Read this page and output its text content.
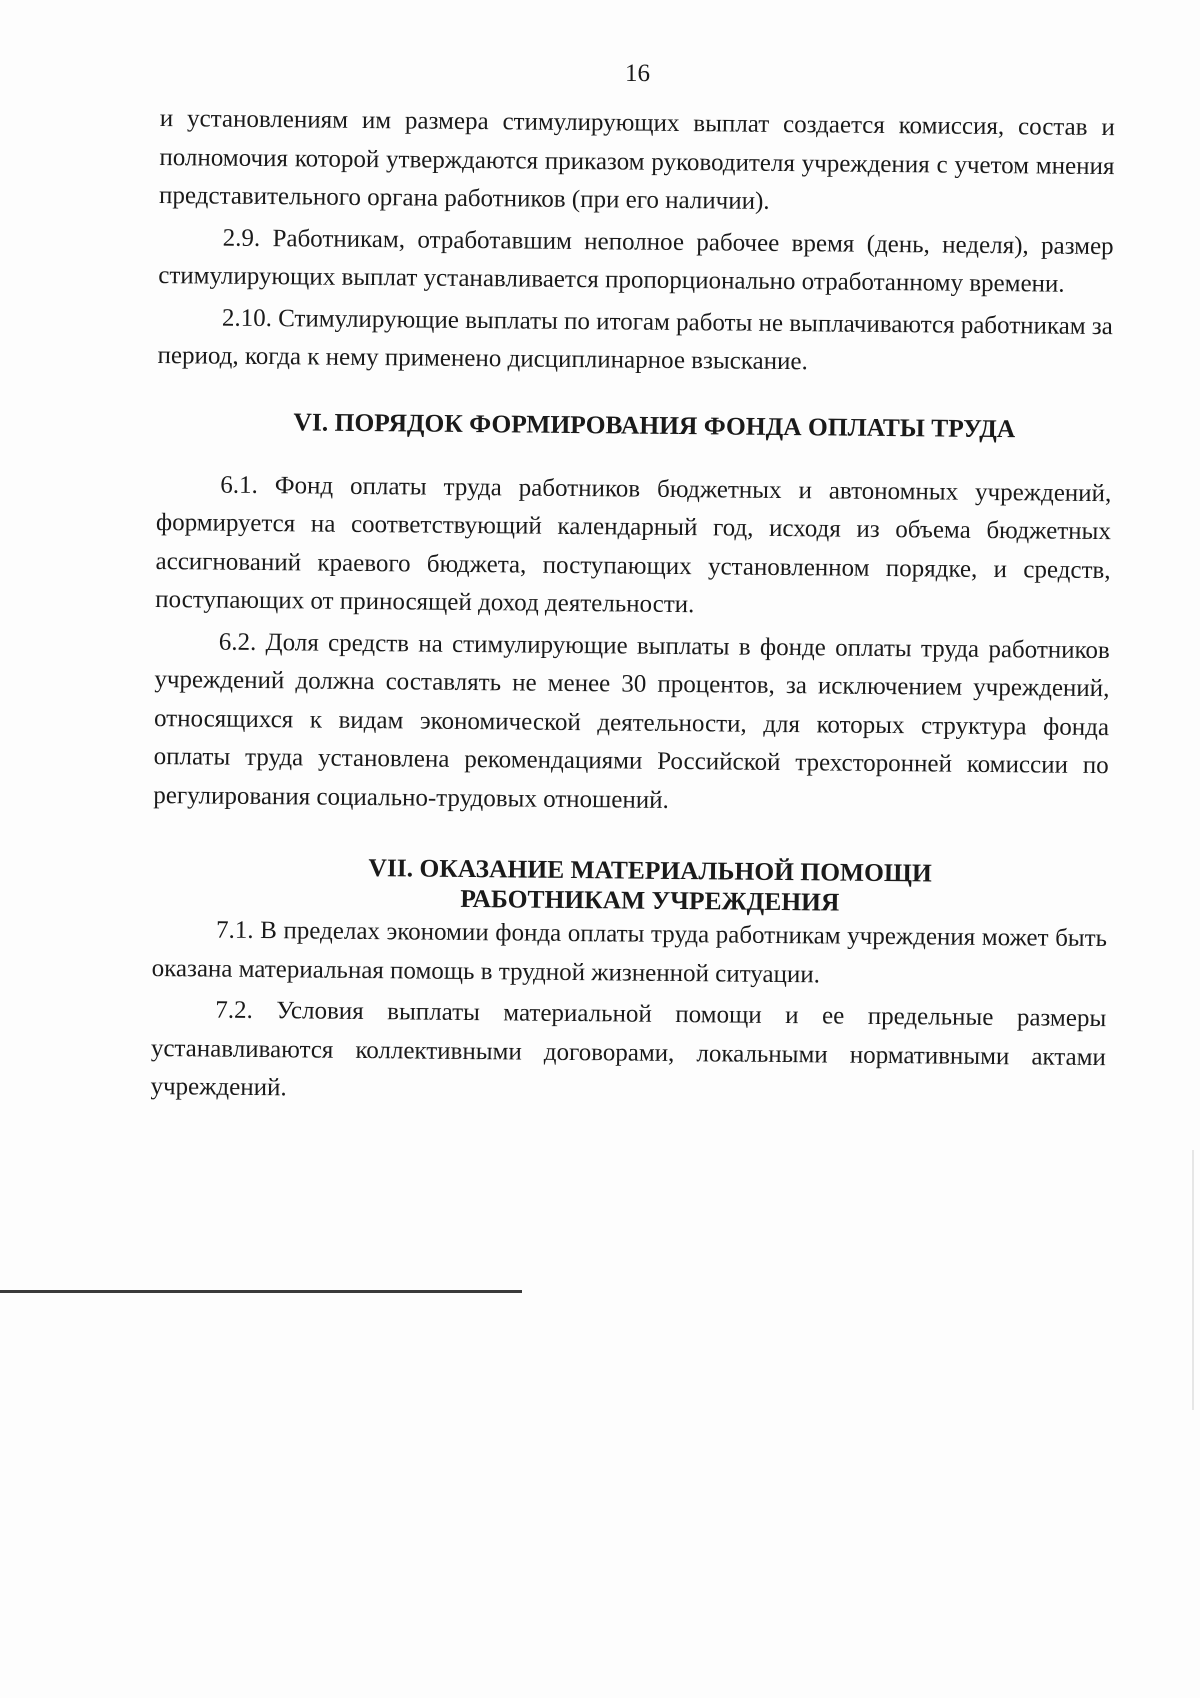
16

и установлениям им размера стимулирующих выплат создается комиссия, состав и полномочия которой утверждаются приказом руководителя учреждения с учетом мнения представительного органа работников (при его наличии).

2.9. Работникам, отработавшим неполное рабочее время (день, неделя), размер стимулирующих выплат устанавливается пропорционально отработанному времени.

2.10. Стимулирующие выплаты по итогам работы не выплачиваются работникам за период, когда к нему применено дисциплинарное взыскание.

VI. ПОРЯДОК ФОРМИРОВАНИЯ ФОНДА ОПЛАТЫ ТРУДА

6.1. Фонд оплаты труда работников бюджетных и автономных учреждений, формируется на соответствующий календарный год, исходя из объема бюджетных ассигнований краевого бюджета, поступающих установленном порядке, и средств, поступающих от приносящей доход деятельности.

6.2. Доля средств на стимулирующие выплаты в фонде оплаты труда работников учреждений должна составлять не менее 30 процентов, за исключением учреждений, относящихся к видам экономической деятельности, для которых структура фонда оплаты труда установлена рекомендациями Российской трехсторонней комиссии по регулирования социально-трудовых отношений.

VII. ОКАЗАНИЕ МАТЕРИАЛЬНОЙ ПОМОЩИ
РАБОТНИКАМ УЧРЕЖДЕНИЯ

7.1. В пределах экономии фонда оплаты труда работникам учреждения может быть оказана материальная помощь в трудной жизненной ситуации.

7.2. Условия выплаты материальной помощи и ее предельные размеры устанавливаются коллективными договорами, локальными нормативными актами учреждений.
